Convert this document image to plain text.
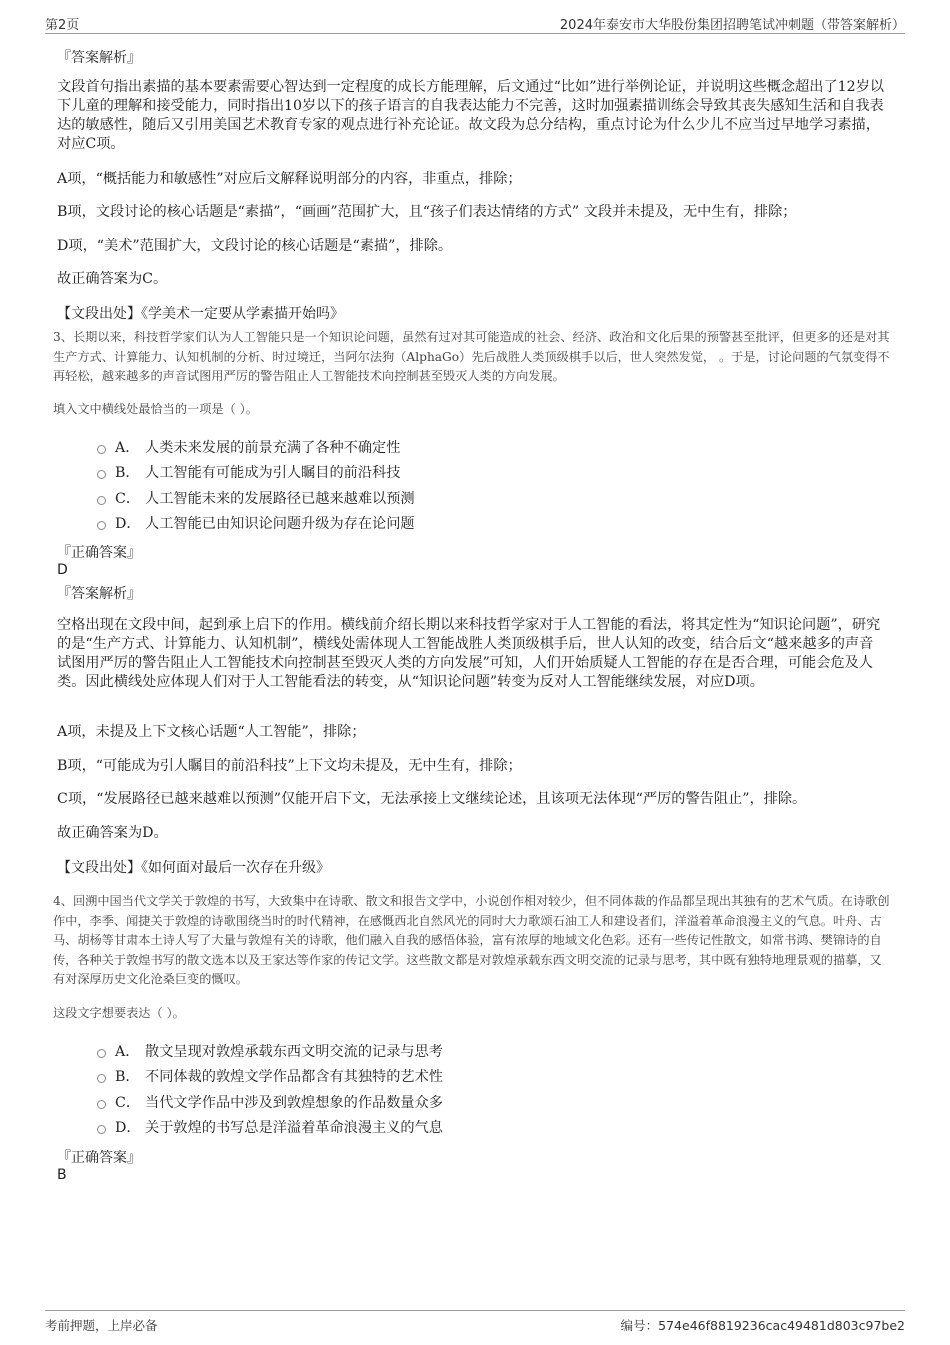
第2页	2024年泰安市大华股份集团招聘笔试冲刺题（带答案解析）
『答案解析』

文段首句指出素描的基本要素需要心智达到一定程度的成长方能理解，后文通过“比如”进行举例论证，并说明这些概念超出了12岁以下儿童的理解和接受能力，同时指出10岁以下的孩子语言的自我表达能力不完善，这时加强素描训练会导致其丧失感知生活和自我表达的敏感性，随后又引用美国艺术教育专家的观点进行补充论证。故文段为总分结构，重点讨论为什么少儿不应当过早地学习素描，对应C项。

A项，“概括能力和敏感性”对应后文解释说明部分的内容，非重点，排除；
B项，文段讨论的核心话题是“素描”，“画画”范围扩大，且“孩子们表达情绪的方式” 文段并未提及，无中生有，排除；
D项，“美术”范围扩大，文段讨论的核心话题是“素描”，排除。
故正确答案为C。
【文段出处】《学美术一定要从学素描开始吗》

3、长期以来，科技哲学家们认为人工智能只是一个知识论问题，虽然有过对其可能造成的社会、经济、政治和文化后果的预警甚至批评，但更多的还是对其生产方式、计算能力、认知机制的分析、时过境迁，当阿尔法狗（AlphaGo）先后战胜人类顶级棋手以后，世人突然发觉， 。于是，讨论问题的气氛变得不再轻松，越来越多的声音试图用严厉的警告阻止人工智能技术向控制甚至毁灭人类的方向发展。

填入文中横线处最恰当的一项是（ ）。
A． 人类未来发展的前景充满了各种不确定性
B． 人工智能有可能成为引人瞩目的前沿科技
C． 人工智能未来的发展路径已越来越难以预测
D． 人工智能已由知识论问题升级为存在论问题
『正确答案』
D
『答案解析』

空格出现在文段中间，起到承上启下的作用。横线前介绍长期以来科技哲学家对于人工智能的看法，将其定性为“知识论问题”，研究的是“生产方式、计算能力、认知机制”，横线处需体现人工智能战胜人类顶级棋手后，世人认知的改变，结合后文“越来越多的声音试图用严厉的警告阻止人工智能技术向控制甚至毁灭人类的方向发展”可知，人们开始质疑人工智能的存在是否合理，可能会危及人类。因此横线处应体现人们对于人工智能看法的转变，从“知识论问题”转变为反对人工智能继续发展，对应D项。

A项，未提及上下文核心话题“人工智能”，排除；
B项，“可能成为引人瞩目的前沿科技”上下文均未提及，无中生有，排除；
C项，“发展路径已越来越难以预测”仅能开启下文，无法承接上文继续论述，且该项无法体现“严厉的警告阻止”，排除。
故正确答案为D。
【文段出处】《如何面对最后一次存在升级》

4、回溯中国当代文学关于敦煌的书写，大致集中在诗歌、散文和报告文学中，小说创作相对较少，但不同体裁的作品都呈现出其独有的艺术气质。在诗歌创作中，李季、闻捷关于敦煌的诗歌围绕当时的时代精神，在感慨西北自然风光的同时大力歌颂石油工人和建设者们，洋溢着革命浪漫主义的气息。叶舟、古马、胡杨等甘肃本土诗人写了大量与敦煌有关的诗歌，他们融入自我的感悟体验，富有浓厚的地域文化色彩。还有一些传记性散文，如常书鸿、樊锦诗的自传，各种关于敦煌书写的散文选本以及王家达等作家的传记文学。这些散文都是对敦煌承载东西文明交流的记录与思考，其中既有独特地理景观的描摹，又有对深厚历史文化沧桑巨变的慨叹。

这段文字想要表达（ ）。
A． 散文呈现对敦煌承载东西文明交流的记录与思考
B． 不同体裁的敦煌文学作品都含有其独特的艺术性
C． 当代文学作品中涉及到敦煌想象的作品数量众多
D． 关于敦煌的书写总是洋溢着革命浪漫主义的气息
『正确答案』
B
考前押题，上岸必备	编号：574e46f8819236cac49481d803c97be2
